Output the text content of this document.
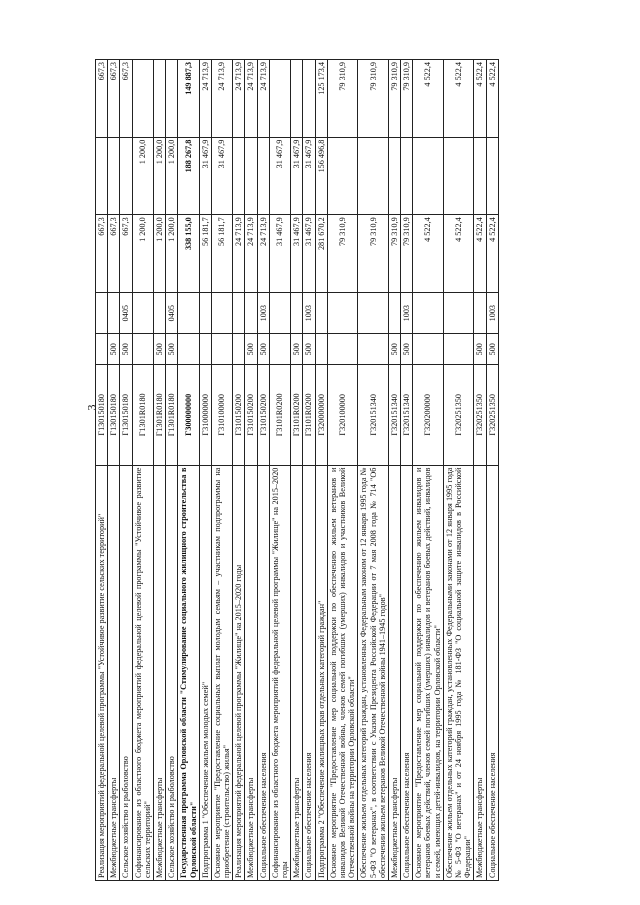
3
Реализация мероприятий федеральной целевой программы "Устойчивое развитие сельских территорий"	Г130150180			667,3		667,3
Межбюджетные трансферты	Г130150180	500		667,3		667,3
Сельское хозяйство и рыболовство	Г130150180	500	0405	667,3		667,3
Софинансирование из областного бюджета мероприятий федеральной целевой программы "Устойчивое развитие сельских территорий"	Г1301R0180			1 200,0	1 200,0	
Межбюджетные трансферты	Г1301R0180	500		1 200,0	1 200,0	
Сельское хозяйство и рыболовство	Г1301R0180	500	0405	1 200,0	1 200,0	
Государственная программа Орловской области "Стимулирование социального жилищного строительства в Орловской области"	Г300000000			338 155,0	188 267,8	149 887,3
Подпрограмма 1 "Обеспечение жильем молодых семей"	Г310000000			56 181,7	31 467,9	24 713,9
Основное мероприятие "Предоставление социальных выплат молодым семьям – участникам подпрограммы на приобретение (строительство) жилья"	Г310100000			56 181,7	31 467,9	24 713,9
Реализация мероприятий федеральной целевой программы "Жилище" на 2015–2020 годы	Г310150200			24 713,9		24 713,9
Межбюджетные трансферты	Г310150200	500		24 713,9		24 713,9
Социальное обеспечение населения	Г310150200	500	1003	24 713,9		24 713,9
Софинансирование из областного бюджета мероприятий федеральной целевой программы "Жилище" на 2015–2020 годы	Г3101R0200			31 467,9	31 467,9	
Межбюджетные трансферты	Г3101R0200	500		31 467,9	31 467,9	
Социальное обеспечение населения	Г3101R0200	500	1003	31 467,9	31 467,9	
Подпрограмма 2 "Обеспечение жилищных прав отдельных категорий граждан"	Г320000000			281 670,2	156 496,8	125 173,4
Основное мероприятие "Предоставление мер социальной поддержки по обеспечению жильем ветеранов и инвалидов Великой Отечественной войны, членов семей погибших (умерших) инвалидов и участников Великой Отечественной войны на территории Орловской области"	Г320100000			79 310,9		79 310,9
Обеспечение жильем отдельных категорий граждан, установленных Федеральным законом от 12 января 1995 года № 5-ФЗ "О ветеранах", в соответствии с Указом Президента Российской Федерации от 7 мая 2008 года № 714 "Об обеспечении жильем ветеранов Великой Отечественной войны 1941–1945 годов"	Г320151340			79 310,9		79 310,9
Межбюджетные трансферты	Г320151340	500		79 310,9		79 310,9
Социальное обеспечение населения	Г320151340	500	1003	79 310,9		79 310,9
Основное мероприятие "Предоставление мер социальной поддержки по обеспечению жильем инвалидов и ветеранов боевых действий, членов семей погибших (умерших) инвалидов и ветеранов боевых действий, инвалидов и семей, имеющих детей-инвалидов, на территории Орловской области"	Г320200000			4 522,4		4 522,4
Обеспечение жильем отдельных категорий граждан, установленных Федеральными законами от 12 января 1995 года № 5-ФЗ "О ветеранах" и от 24 ноября 1995 года № 181-ФЗ "О социальной защите инвалидов в Российской Федерации"	Г320251350			4 522,4		4 522,4
Межбюджетные трансферты	Г320251350	500		4 522,4		4 522,4
Социальное обеспечение населения	Г320251350	500	1003	4 522,4		4 522,4
